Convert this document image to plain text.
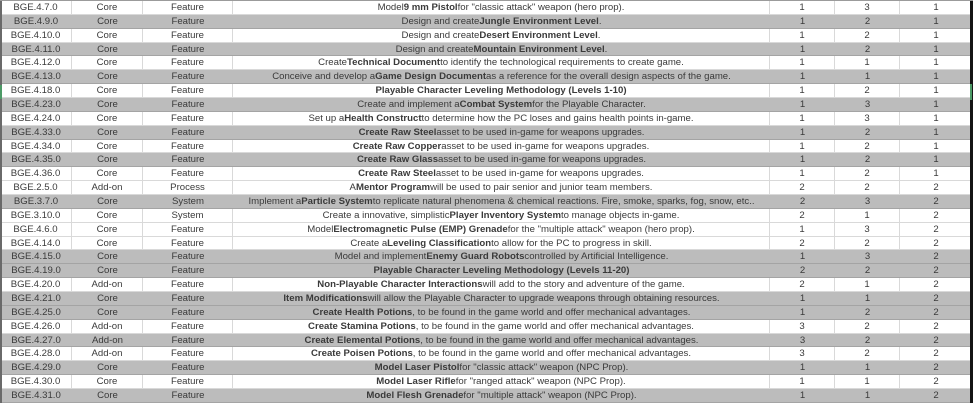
BGE.4.7.0	Core	Feature	Model 9 mm Pistol for "classic attack" weapon (hero prop).	1	3	1
BGE.4.9.0	Core	Feature	Design and create Jungle Environment Level .	1	2	1
BGE.4.10.0	Core	Feature	Design and create Desert Environment Level .	1	2	1
BGE.4.11.0	Core	Feature	Design and create Mountain Environment Level .	1	2	1
BGE.4.12.0	Core	Feature	Create Technical Document to identify the technological requirements to create game.	1	1	1
BGE.4.13.0	Core	Feature	Conceive and develop a Game Design Document as a reference for the overall design aspects of the game.	1	1	1
BGE.4.18.0	Core	Feature	Playable Character Leveling Methodology (Levels 1-10)	1	2	1
BGE.4.23.0	Core	Feature	Create and implement a Combat System for the Playable Character.	1	3	1
BGE.4.24.0	Core	Feature	Set up a Health Construct to determine how the PC loses and gains health points in-game.	1	3	1
BGE.4.33.0	Core	Feature	Create Raw Steel asset to be used in-game for weapons upgrades.	1	2	1
BGE.4.34.0	Core	Feature	Create Raw Copper asset to be used in-game for weapons upgrades.	1	2	1
BGE.4.35.0	Core	Feature	Create Raw Glass asset to be used in-game for weapons upgrades.	1	2	1
BGE.4.36.0	Core	Feature	Create Raw Steel asset to be used in-game for weapons upgrades.	1	2	1
BGE.2.5.0	Add-on	Process	A Mentor Program will be used to pair senior and junior team members.	2	2	2
BGE.3.7.0	Core	System	Implement a Particle System to replicate natural phenomena & chemical reactions. Fire, smoke, sparks, fog, snow, etc..	2	3	2
BGE.3.10.0	Core	System	Create a innovative, simplistic Player Inventory System to manage objects in-game.	2	1	2
BGE.4.6.0	Core	Feature	Model Electromagnetic Pulse (EMP) Grenade for the "multiple attack" weapon (hero prop).	1	3	2
BGE.4.14.0	Core	Feature	Create a Leveling Classification to allow for the PC to progress in skill.	2	2	2
BGE.4.15.0	Core	Feature	Model and implement Enemy Guard Robots controlled by Artificial Intelligence.	1	3	2
BGE.4.19.0	Core	Feature	Playable Character Leveling Methodology (Levels 11-20)	2	2	2
BGE.4.20.0	Add-on	Feature	Non-Playable Character Interactions will add to the story and adventure of the game.	2	1	2
BGE.4.21.0	Core	Feature	Item Modifications will allow the Playable Character to upgrade weapons through obtaining resources.	1	1	2
BGE.4.25.0	Core	Feature	Create Health Potions , to be found in the game world and offer mechanical advantages.	1	2	2
BGE.4.26.0	Add-on	Feature	Create Stamina Potions , to be found in the game world and offer mechanical advantages.	3	2	2
BGE.4.27.0	Add-on	Feature	Create Elemental Potions , to be found in the game world and offer mechanical advantages.	3	2	2
BGE.4.28.0	Add-on	Feature	Create Poisen Potions , to be found in the game world and offer mechanical advantages.	3	2	2
BGE.4.29.0	Core	Feature	Model Laser Pistol for "classic attack" weapon (NPC Prop).	1	1	2
BGE.4.30.0	Core	Feature	Model Laser Rifle for "ranged attack" weapon (NPC Prop).	1	1	2
BGE.4.31.0	Core	Feature	Model Flesh Grenade for "multiple attack" weapon (NPC Prop).	1	1	2
